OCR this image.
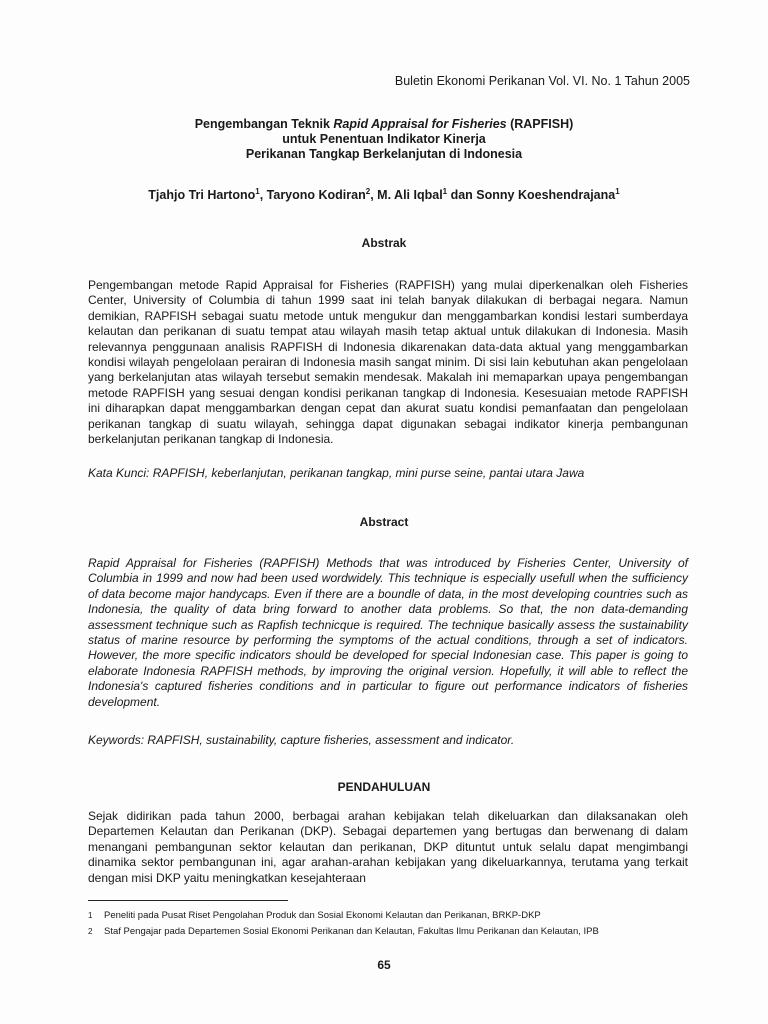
Buletin Ekonomi Perikanan Vol. VI. No. 1 Tahun 2005
Pengembangan Teknik Rapid Appraisal for Fisheries (RAPFISH)
untuk Penentuan Indikator Kinerja
Perikanan Tangkap Berkelanjutan di Indonesia
Tjahjo Tri Hartono$^1$, Taryono Kodiran$^2$, M. Ali Iqbal$^1$ dan Sonny Koeshendrajana$^1$
Abstrak

Pengembangan metode Rapid Appraisal for Fisheries (RAPFISH) yang mulai diperkenalkan oleh Fisheries Center, University of Columbia di tahun 1999 saat ini telah banyak dilakukan di berbagai negara. Namun demikian, RAPFISH sebagai suatu metode untuk mengukur dan menggambarkan kondisi lestari sumberdaya kelautan dan perikanan di suatu tempat atau wilayah masih tetap aktual untuk dilakukan di Indonesia. Masih relevannya penggunaan analisis RAPFISH di Indonesia dikarenakan data-data aktual yang menggambarkan kondisi wilayah pengelolaan perairan di Indonesia masih sangat minim. Di sisi lain kebutuhan akan pengelolaan yang berkelanjutan atas wilayah tersebut semakin mendesak. Makalah ini memaparkan upaya pengembangan metode RAPFISH yang sesuai dengan kondisi perikanan tangkap di Indonesia. Kesesuaian metode RAPFISH ini diharapkan dapat menggambarkan dengan cepat dan akurat suatu kondisi pemanfaatan dan pengelolaan perikanan tangkap di suatu wilayah, sehingga dapat digunakan sebagai indikator kinerja pembangunan berkelanjutan perikanan tangkap di Indonesia.

Kata Kunci: RAPFISH, keberlanjutan, perikanan tangkap, mini purse seine, pantai utara Jawa
Abstract

Rapid Appraisal for Fisheries (RAPFISH) Methods that was introduced by Fisheries Center, University of Columbia in 1999 and now had been used wordwidely. This technique is especially usefull when the sufficiency of data become major handycaps. Even if there are a boundle of data, in the most developing countries such as Indonesia, the quality of data bring forward to another data problems. So that, the non data-demanding assessment technique such as Rapfish technicque is required. The technique basically assess the sustainability status of marine resource by performing the symptoms of the actual conditions, through a set of indicators. However, the more specific indicators should be developed for special Indonesian case. This paper is going to elaborate Indonesia RAPFISH methods, by improving the original version. Hopefully, it will able to reflect the Indonesia's captured fisheries conditions and in particular to figure out performance indicators of fisheries development.

Keywords: RAPFISH, sustainability, capture fisheries, assessment and indicator.
PENDAHULUAN

Sejak didirikan pada tahun 2000, berbagai arahan kebijakan telah dikeluarkan dan dilaksanakan oleh Departemen Kelautan dan Perikanan (DKP). Sebagai departemen yang bertugas dan berwenang di dalam menangani pembangunan sektor kelautan dan perikanan, DKP dituntut untuk selalu dapat mengimbangi dinamika sektor pembangunan ini, agar arahan-arahan kebijakan yang dikeluarkannya, terutama yang terkait dengan misi DKP yaitu meningkatkan kesejahteraan

1 Peneliti pada Pusat Riset Pengolahan Produk dan Sosial Ekonomi Kelautan dan Perikanan, BRKP-DKP
2 Staf Pengajar pada Departemen Sosial Ekonomi Perikanan dan Kelautan, Fakultas Ilmu Perikanan dan Kelautan, IPB
65
